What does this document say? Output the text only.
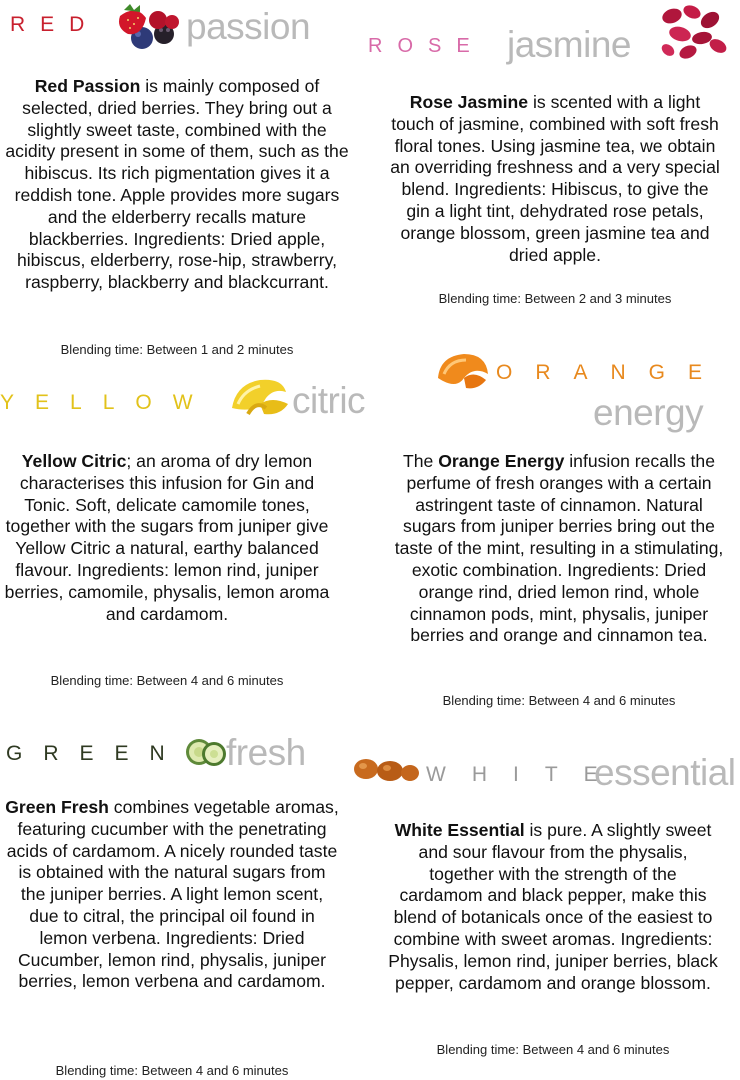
RED passion
Red Passion is mainly composed of selected, dried berries. They bring out a slightly sweet taste, combined with the acidity present in some of them, such as the hibiscus. Its rich pigmentation gives it a reddish tone. Apple provides more sugars and the elderberry recalls mature blackberries. Ingredients: Dried apple, hibiscus, elderberry, rose-hip, strawberry, raspberry, blackberry and blackcurrant.
Blending time: Between 1 and 2 minutes
ROSE jasmine
Rose Jasmine is scented with a light touch of jasmine, combined with soft fresh floral tones. Using jasmine tea, we obtain an overriding freshness and a very special blend. Ingredients: Hibiscus, to give the gin a light tint, dehydrated rose petals, orange blossom, green jasmine tea and dried apple.
Blending time: Between 2 and 3 minutes
YELLOW citric
Yellow Citric; an aroma of dry lemon characterises this infusion for Gin and Tonic. Soft, delicate camomile tones, together with the sugars from juniper give Yellow Citric a natural, earthy balanced flavour. Ingredients: lemon rind, juniper berries, camomile, physalis, lemon aroma and cardamom.
Blending time: Between 4 and 6 minutes
ORANGE
energy
The Orange Energy infusion recalls the perfume of fresh oranges with a certain astringent taste of cinnamon. Natural sugars from juniper berries bring out the taste of the mint, resulting in a stimulating, exotic combination. Ingredients: Dried orange rind, dried lemon rind, whole cinnamon pods, mint, physalis, juniper berries and orange and cinnamon tea.
Blending time: Between 4 and 6 minutes
GREEN fresh
Green Fresh combines vegetable aromas, featuring cucumber with the penetrating acids of cardamom. A nicely rounded taste is obtained with the natural sugars from the juniper berries. A light lemon scent, due to citral, the principal oil found in lemon verbena. Ingredients: Dried Cucumber, lemon rind, physalis, juniper berries, lemon verbena and cardamom.
Blending time: Between 4 and 6 minutes
WHITE
essential
White Essential is pure. A slightly sweet and sour flavour from the physalis, together with the strength of the cardamom and black pepper, make this blend of botanicals once of the easiest to combine with sweet aromas. Ingredients: Physalis, lemon rind, juniper berries, black pepper, cardamom and orange blossom.
Blending time: Between 4 and 6 minutes
